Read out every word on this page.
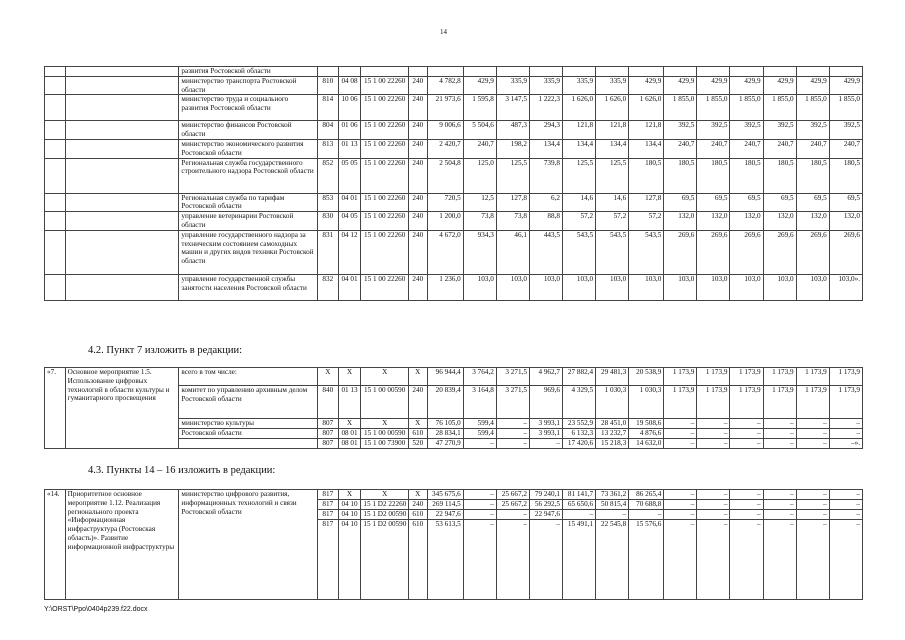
14
		развития Ростовской области																	
		министерство транспорта Ростовской области	810	04 08	15 1 00 22260	240	4 782,8	429,9	335,9	335,9	335,9	335,9	429,9	429,9	429,9	429,9	429,9	429,9	429,9
		министерство труда и социального развития Ростовской области	814	10 06	15 1 00 22260	240	21 973,6	1 595,8	3 147,5	1 222,3	1 626,0	1 626,0	1 626,0	1 855,0	1 855,0	1 855,0	1 855,0	1 855,0	1 855,0
		министерство финансов Ростовской области	804	01 06	15 1 00 22260	240	9 006,6	5 504,6	487,3	294,3	121,8	121,8	121,8	392,5	392,5	392,5	392,5	392,5	392,5
		министерство экономического развития Ростовской области	813	01 13	15 1 00 22260	240	2 420,7	240,7	198,2	134,4	134,4	134,4	134,4	240,7	240,7	240,7	240,7	240,7	240,7
		Региональная служба государственного строительного надзора Ростовской области	852	05 05	15 1 00 22260	240	2 504,8	125,0	125,5	739,8	125,5	125,5	180,5	180,5	180,5	180,5	180,5	180,5	180,5
		Региональная служба по тарифам Ростовской области	853	04 01	15 1 00 22260	240	720,5	12,5	127,8	6,2	14,6	14,6	127,8	69,5	69,5	69,5	69,5	69,5	69,5
		управление ветеринарии Ростовской области	830	04 05	15 1 00 22260	240	1 200,0	73,8	73,8	88,8	57,2	57,2	57,2	132,0	132,0	132,0	132,0	132,0	132,0
		управление государственного надзора за техническим состоянием самоходных машин и других видов техники Ростовской области	831	04 12	15 1 00 22260	240	4 672,0	934,3	46,1	443,5	543,5	543,5	543,5	269,6	269,6	269,6	269,6	269,6	269,6
		управление государственной службы занятости населения Ростовской области	832	04 01	15 1 00 22260	240	1 236,0	103,0	103,0	103,0	103,0	103,0	103,0	103,0	103,0	103,0	103,0	103,0	103,0».
4.2. Пункт 7 изложить в редакции:
«7.	Основное мероприятие 1.5. Использование цифровых технологий в области культуры и гуманитарного просвещения	всего в том числе:	X	X	X	X	96 944,4	3 764,2	3 271,5	4 962,7	27 882,4	29 481,3	20 538,9	1 173,9	1 173,9	1 173,9	1 173,9	1 173,9	1 173,9
		комитет по управлению архивным делом Ростовской области	840	01 13	15 1 00 00590	240	20 839,4	3 164,8	3 271,5	969,6	4 329,5	1 030,3	1 030,3	1 173,9	1 173,9	1 173,9	1 173,9	1 173,9	1 173,9
		министерство культуры	807	X	X	X	76 105,0	599,4	–	3 993,1	23 552,9	28 451,0	19 508,6	–	–	–	–	–	–
		Ростовской области	807	08 01	15 1 00 00590	610	28 834,1	599,4	–	3 993,1	6 132,3	13 232,7	4 876,6	–	–	–	–	–	–
			807	08 01	15 1 00 73900	520	47 270,9	–	–	–	17 420,6	15 218,3	14 632,0	–	–	–	–	–	–».
4.3. Пункты 14 – 16 изложить в редакции:
«14.	Приоритетное основное мероприятие 1.12. Реализация регионального проекта «Информационная инфраструктура (Ростовская область)». Развитие информационной инфраструктуры	министерство цифрового развития, информационных технологий и связи Ростовской области	817	X	X	X	345 675,6	–	25 667,2	79 240,1	81 141,7	73 361,2	86 265,4	–	–	–	–	–	–
			817	04 10	15 1 D2 22260	240	269 114,5	–	25 667,2	56 292,5	65 650,6	50 815,4	70 688,8	–	–	–	–	–	–
			817	04 10	15 1 D2 00590	610	22 947,6	–	–	22 947,6	–	–	–	–	–	–	–	–	–
			817	04 10	15 1 D2 00590	610	53 613,5	–	–	–	15 491,1	22 545,8	15 576,6	–	–	–	–	–	–
Y:\ORST\Ppo\0404p239.f22.docx
